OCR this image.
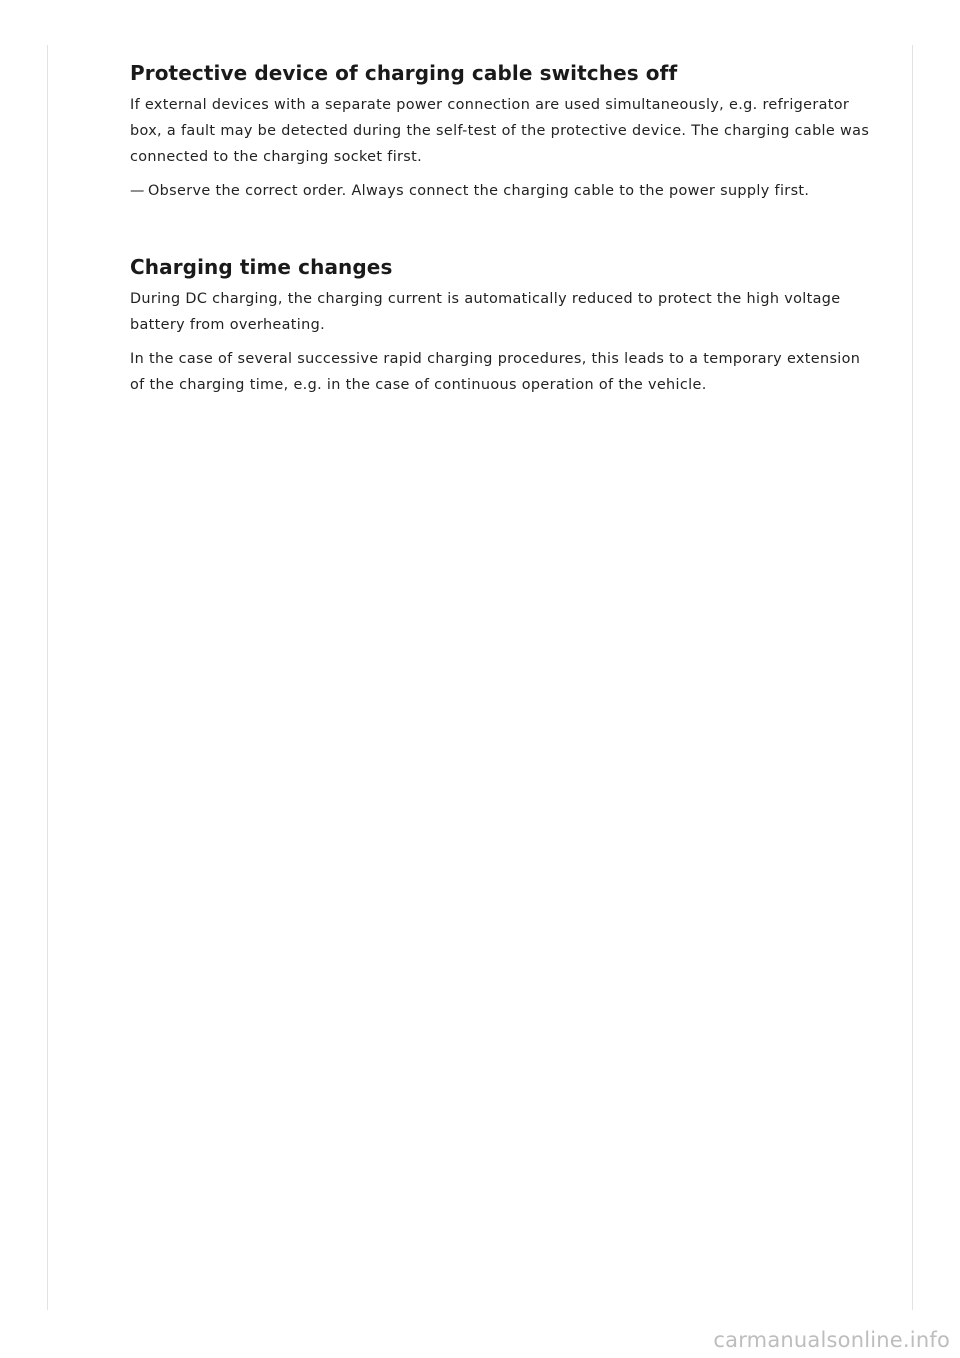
Protective device of charging cable switches off

If external devices with a separate power connection are used simultaneously, e.g. refrigerator box, a fault may be detected during the self-test of the protective device. The charging cable was connected to the charging socket first.

— Observe the correct order. Always connect the charging cable to the power supply first.

Charging time changes

During DC charging, the charging current is automatically reduced to protect the high voltage battery from overheating.

In the case of several successive rapid charging procedures, this leads to a temporary extension of the charging time, e.g. in the case of continuous operation of the vehicle.

carmanualsonline.info
